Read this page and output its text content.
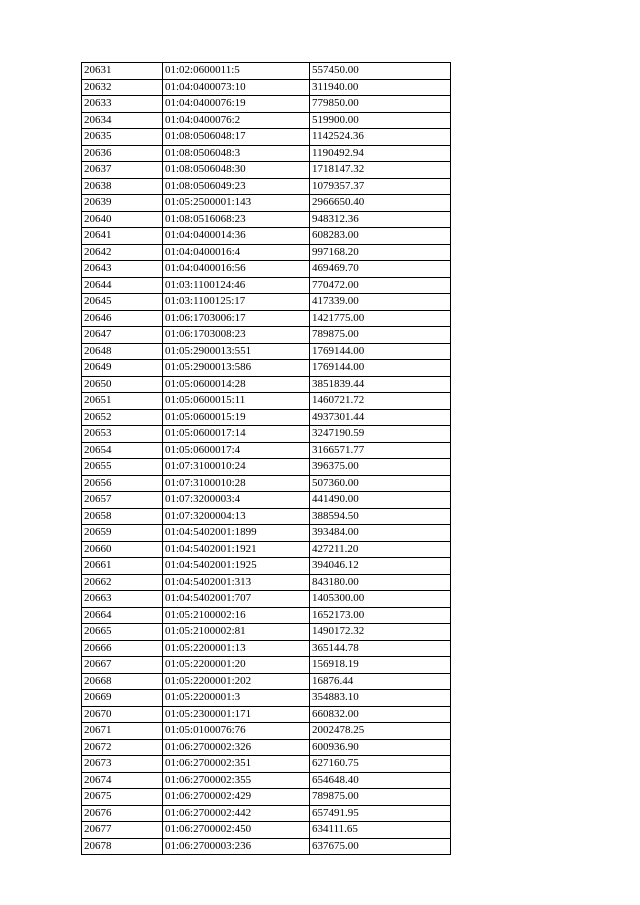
20631	01:02:0600011:5	557450.00
20632	01:04:0400073:10	311940.00
20633	01:04:0400076:19	779850.00
20634	01:04:0400076:2	519900.00
20635	01:08:0506048:17	1142524.36
20636	01:08:0506048:3	1190492.94
20637	01:08:0506048:30	1718147.32
20638	01:08:0506049:23	1079357.37
20639	01:05:2500001:143	2966650.40
20640	01:08:0516068:23	948312.36
20641	01:04:0400014:36	608283.00
20642	01:04:0400016:4	997168.20
20643	01:04:0400016:56	469469.70
20644	01:03:1100124:46	770472.00
20645	01:03:1100125:17	417339.00
20646	01:06:1703006:17	1421775.00
20647	01:06:1703008:23	789875.00
20648	01:05:2900013:551	1769144.00
20649	01:05:2900013:586	1769144.00
20650	01:05:0600014:28	3851839.44
20651	01:05:0600015:11	1460721.72
20652	01:05:0600015:19	4937301.44
20653	01:05:0600017:14	3247190.59
20654	01:05:0600017:4	3166571.77
20655	01:07:3100010:24	396375.00
20656	01:07:3100010:28	507360.00
20657	01:07:3200003:4	441490.00
20658	01:07:3200004:13	388594.50
20659	01:04:5402001:1899	393484.00
20660	01:04:5402001:1921	427211.20
20661	01:04:5402001:1925	394046.12
20662	01:04:5402001:313	843180.00
20663	01:04:5402001:707	1405300.00
20664	01:05:2100002:16	1652173.00
20665	01:05:2100002:81	1490172.32
20666	01:05:2200001:13	365144.78
20667	01:05:2200001:20	156918.19
20668	01:05:2200001:202	16876.44
20669	01:05:2200001:3	354883.10
20670	01:05:2300001:171	660832.00
20671	01:05:0100076:76	2002478.25
20672	01:06:2700002:326	600936.90
20673	01:06:2700002:351	627160.75
20674	01:06:2700002:355	654648.40
20675	01:06:2700002:429	789875.00
20676	01:06:2700002:442	657491.95
20677	01:06:2700002:450	634111.65
20678	01:06:2700003:236	637675.00
